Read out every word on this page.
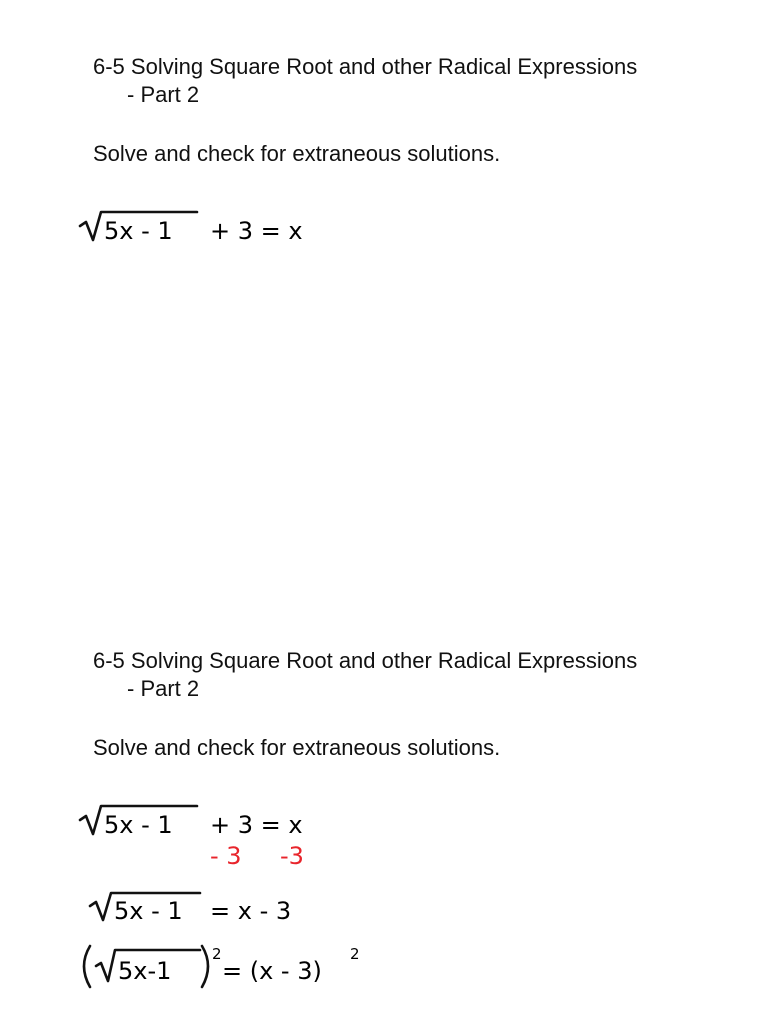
6-5 Solving Square Root and other Radical Expressions
- Part 2

Solve and check for extraneous solutions.

5x - 1 + 3 = x
6-5 Solving Square Root and other Radical Expressions
- Part 2

Solve and check for extraneous solutions.

5x - 1 + 3 = x
- 3 -3
5x - 1 = x - 3
5x-1
2
= (x - 3)
2
